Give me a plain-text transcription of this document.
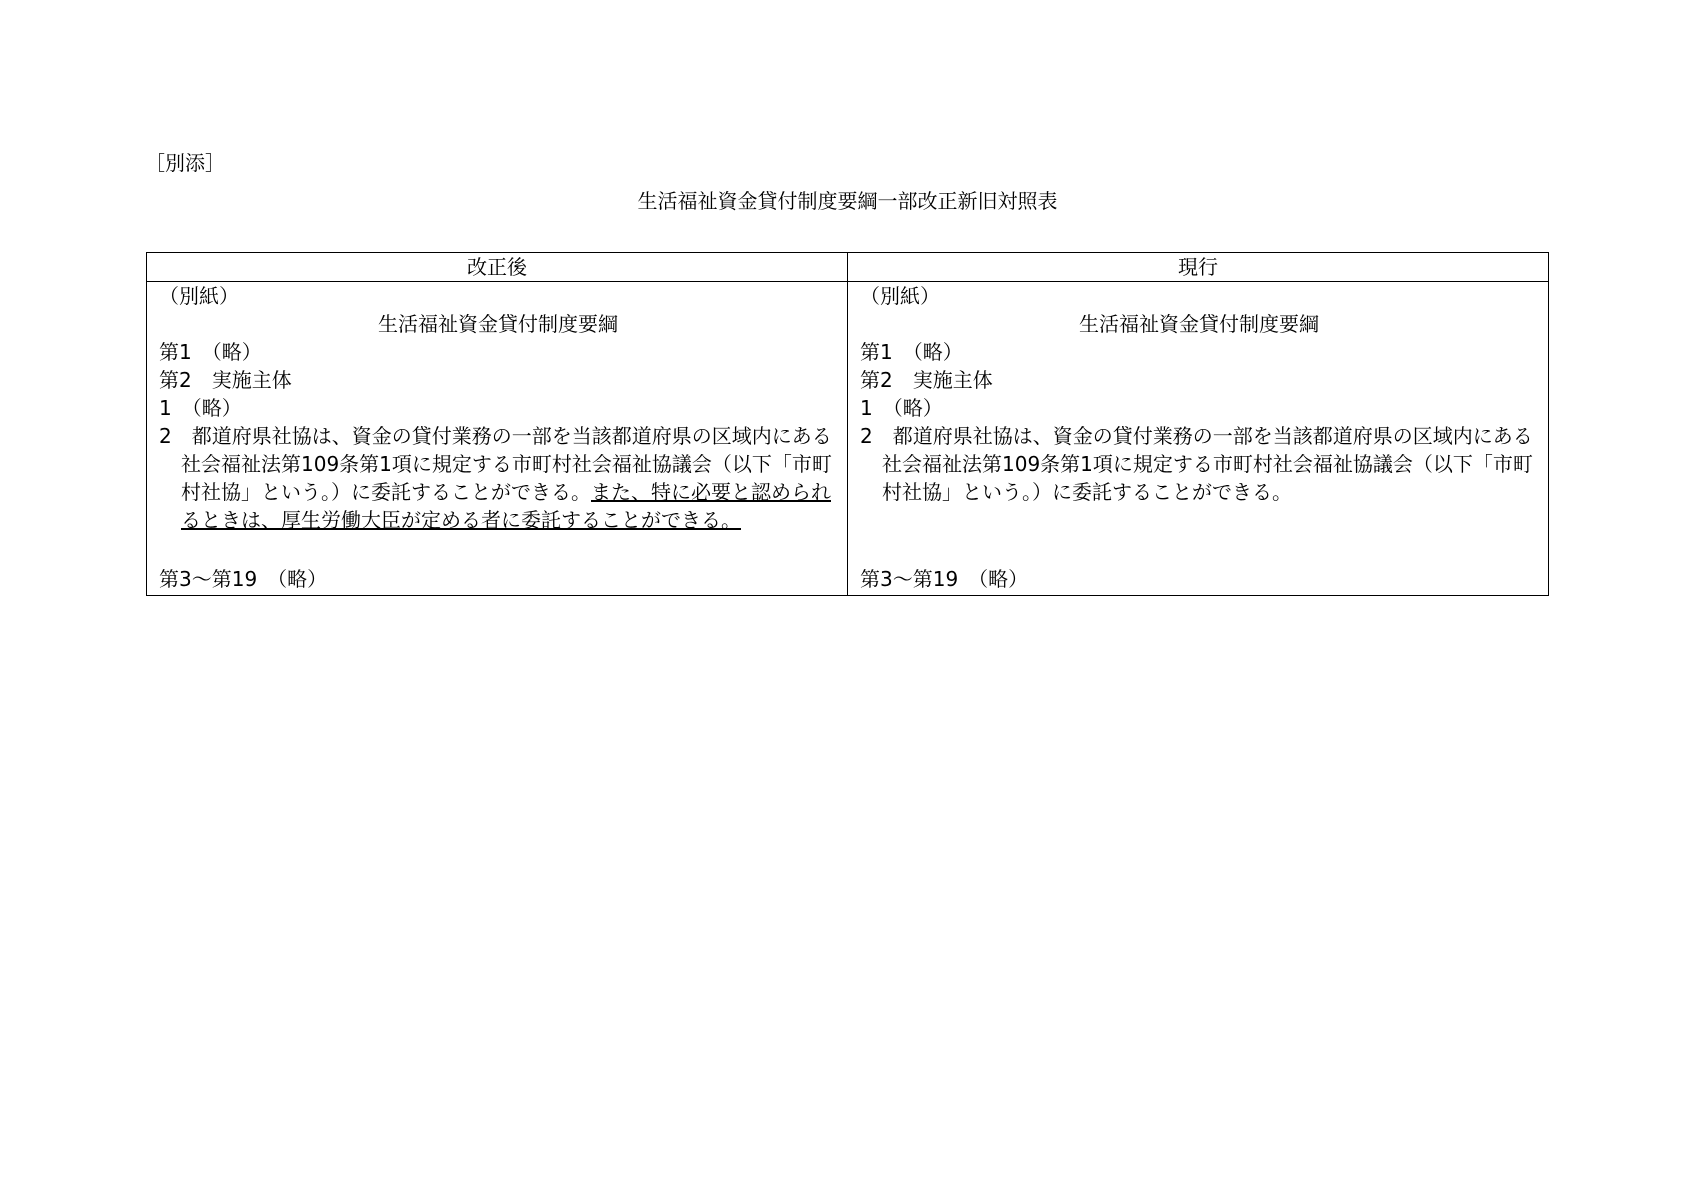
［別添］
生活福祉資金貸付制度要綱一部改正新旧対照表
改正後
（別紙）
生活福祉資金貸付制度要綱
第1　（略）
第2　実施主体
1　（略）
2　都道府県社協は、資金の貸付業務の一部を当該都道府県の区域内にある社会福祉法第109条第1項に規定する市町村社会福祉協議会（以下「市町村社協」という。）に委託することができる。また、特に必要と認められるときは、厚生労働大臣が定める者に委託することができる。
第3～第19　（略）
現行
（別紙）
生活福祉資金貸付制度要綱
第1　（略）
第2　実施主体
1　（略）
2　都道府県社協は、資金の貸付業務の一部を当該都道府県の区域内にある社会福祉法第109条第1項に規定する市町村社会福祉協議会（以下「市町村社協」という。）に委託することができる。
第3～第19　（略）
